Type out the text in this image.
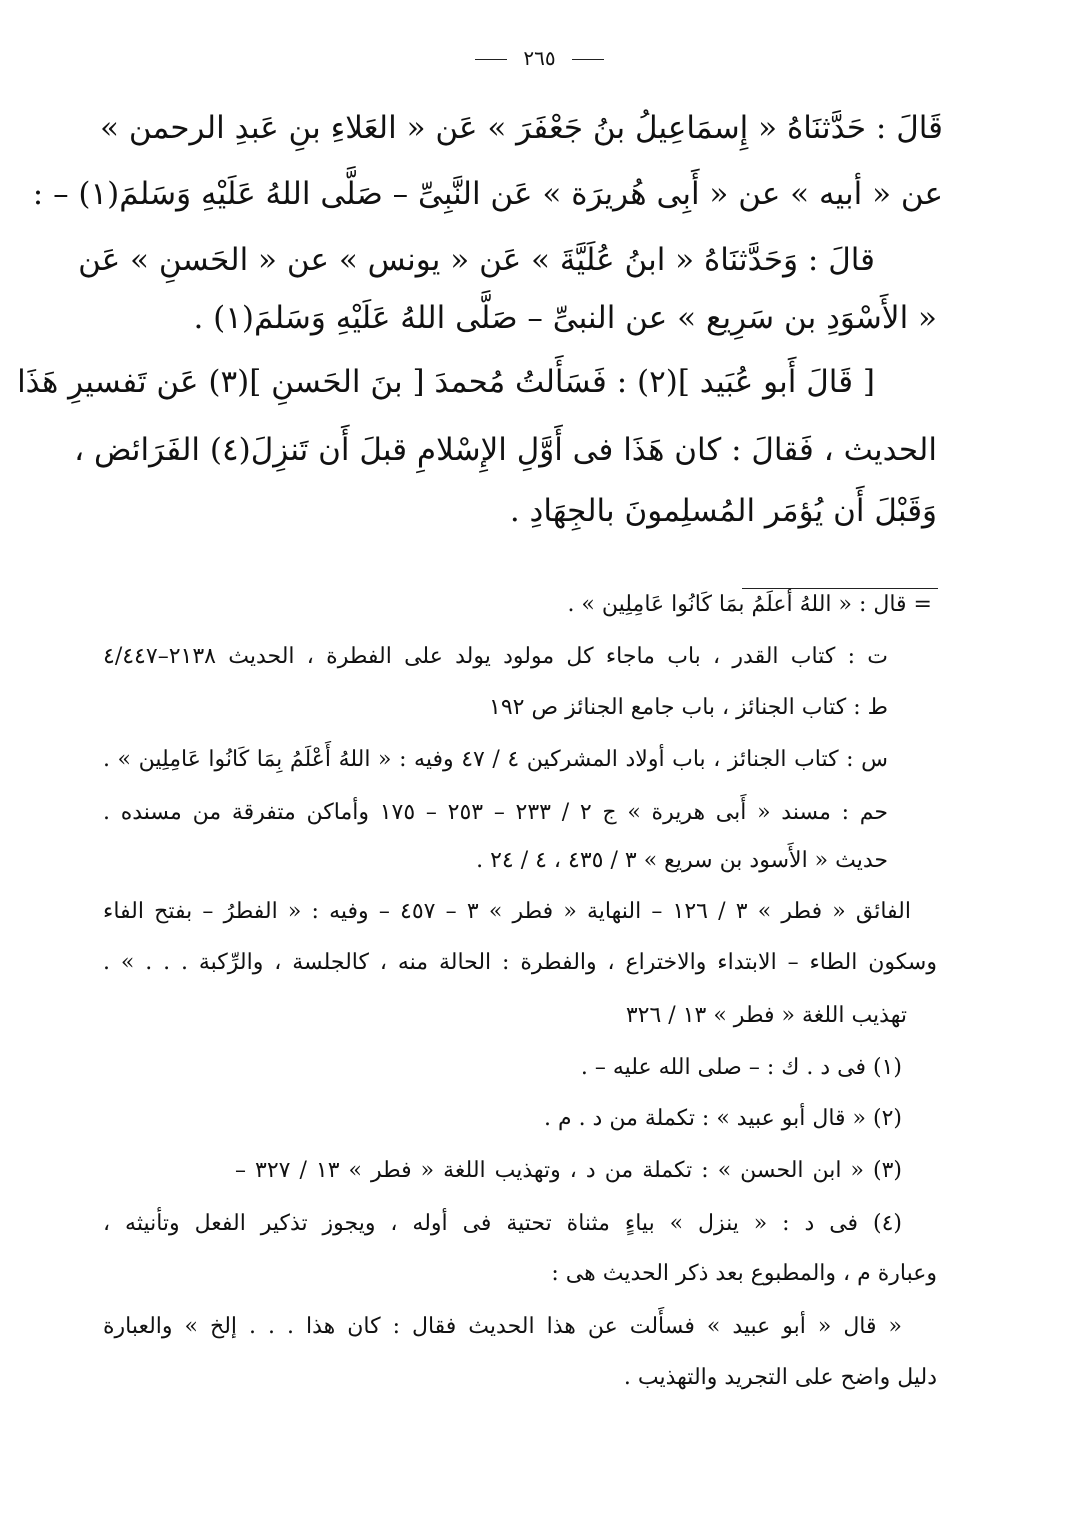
٢٦٥
قَالَ : حَدَّثنَاهُ « إِسمَاعِيلُ بنُ جَعْفَرَ » عَن « العَلاءِ بنِ عَبدِ الرحمن »
عن « أبيه » عن « أَبِى هُريرَة » عَن النَّبِىِّ – صَلَّى اللهُ عَلَيْهِ وَسَلمَ(١) – :
قالَ : وَحَدَّثنَاهُ « ابنُ عُلَيَّةَ » عَن « يونس » عن « الحَسنِ » عَن
« الأَسْوَدِ بن سَرِيع » عن النبىِّ – صَلَّى اللهُ عَلَيْهِ وَسَلمَ(١) .
[ قَالَ أَبو عُبَيد ](٢) : فَسَأَلتُ مُحمدَ [ بنَ الحَسنِ ](٣) عَن تَفسيرِ هَذَا
الحديث ، فَقالَ : كان هَذَا فى أَوَّلِ الإِسْلامِ قبلَ أَن تَنزِلَ(٤) الفَرَائض ،
وَقَبْلَ أَن يُؤمَر المُسلِمونَ بالجِهَادِ .
= قال : « اللهُ أعلَمُ بمَا كَانُوا عَامِلِين » .
ت : كتاب القدر ، باب ماجاء كل مولود يولد على الفطرة ، الحديث ٢١٣٨–٤/٤٤٧
ط : كتاب الجنائز ، باب جامع الجنائز ص ١٩٢
س : كتاب الجنائز ، باب أولاد المشركين ٤ / ٤٧ وفيه : « اللهُ أَعْلَمُ بِمَا كَانُوا عَامِلِين » .
حم : مسند « أَبى هريرة » ج ٢ / ٢٣٣ – ٢٥٣ – ١٧٥ وأماكن متفرقة من مسنده .
حديث « الأَسود بن سريع » ٣ / ٤٣٥ ، ٤ / ٢٤ .
الفائق « فطر » ٣ / ١٢٦ – النهاية « فطر » ٣ – ٤٥٧ – وفيه : « الفطرُ – بفتح الفاء
وسكون الطاء – الابتداء والاختراع ، والفطرة : الحالة منه ، كالجلسة ، والرِّكبة . . . » .
تهذيب اللغة « فطر » ١٣ / ٣٢٦
(١) فى د . ك : – صلى الله عليه – .
(٢) « قال أبو عبيد » : تكملة من د . م .
(٣) « ابن الحسن » : تكملة من د ، وتهذيب اللغة « فطر » ١٣ / ٣٢٧ –
(٤) فى د : « ينزل » بياءٍ مثناة تحتية فى أوله ، ويجوز تذكير الفعل وتأنيثه ،
وعبارة م ، والمطبوع بعد ذكر الحديث هى :
« قال « أبو عبيد » فسأَلت عن هذا الحديث فقال : كان هذا . . . إلخ » والعبارة
دليل واضح على التجريد والتهذيب .
